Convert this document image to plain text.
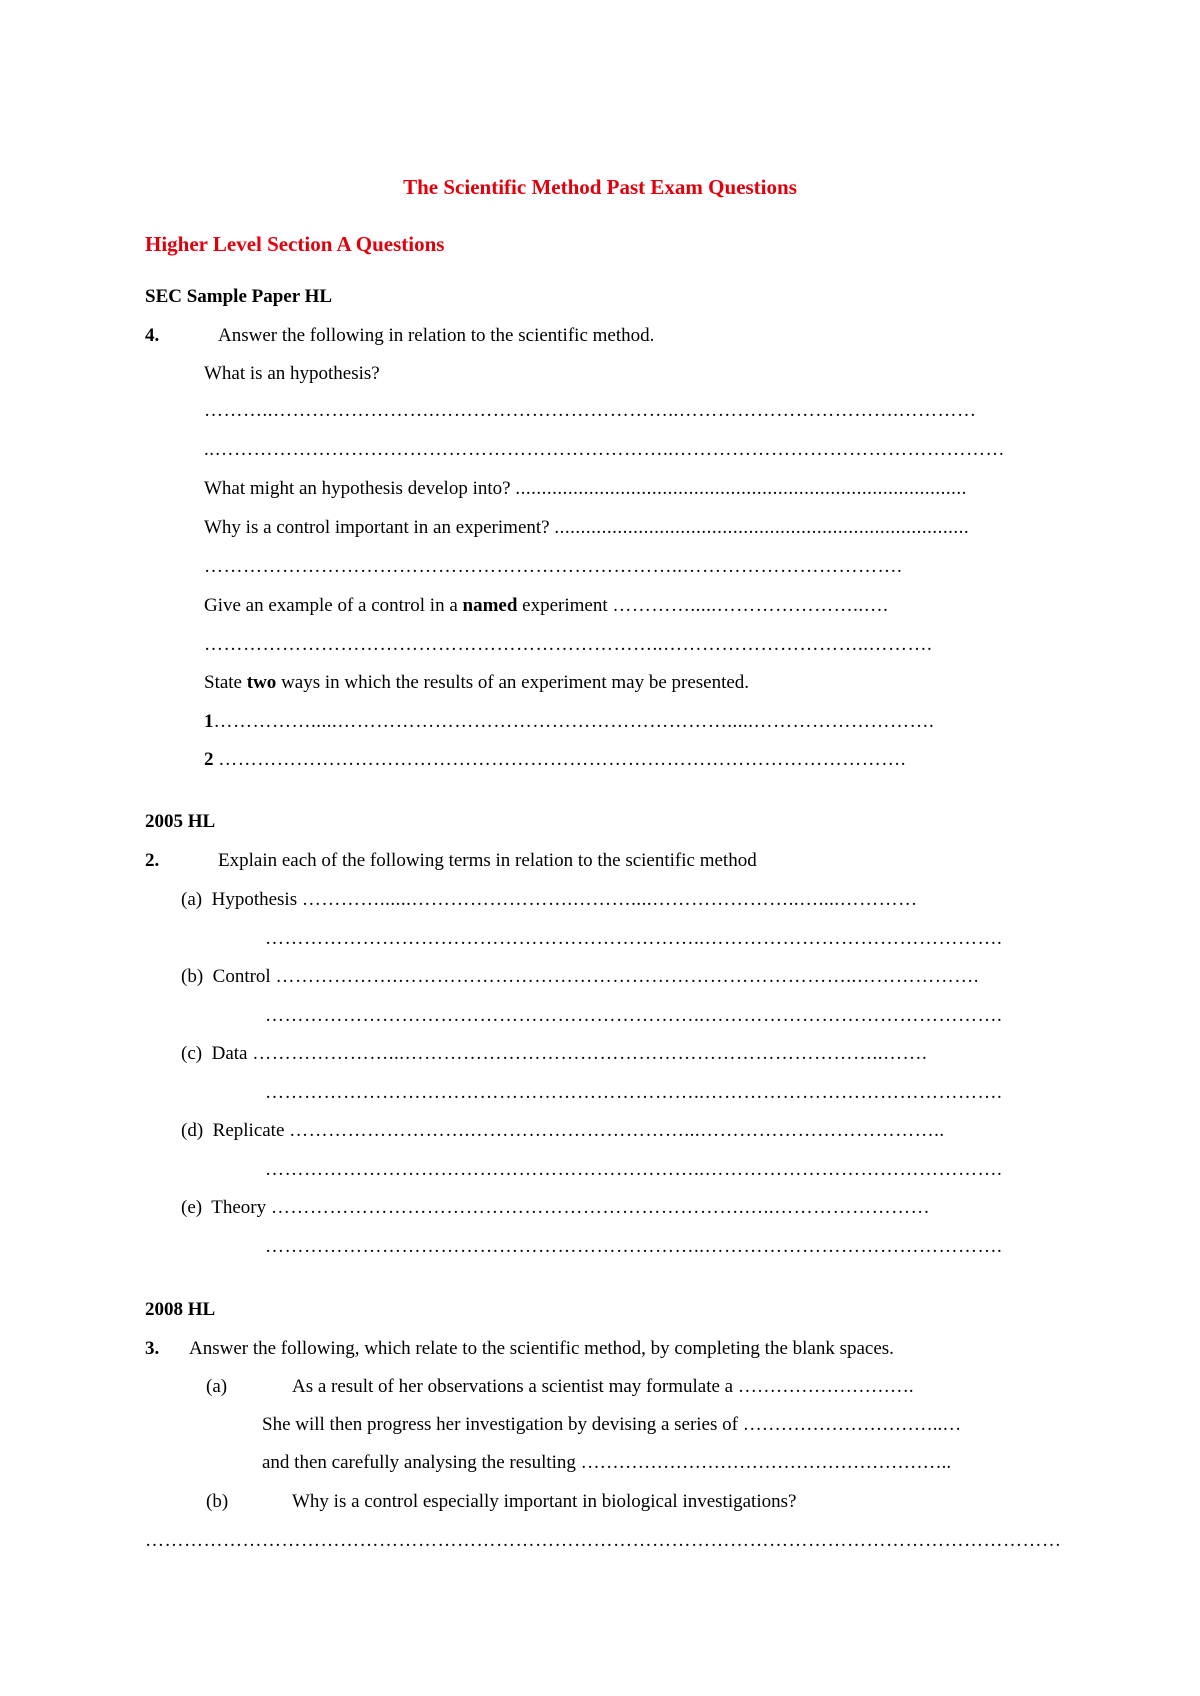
The Scientific Method Past Exam Questions
Higher Level Section A Questions
SEC Sample Paper HL
4.	Answer the following in relation to the scientific method.
What is an hypothesis?
………..…………………….………………………………..…………………………….…………
..……………………………………………………………..……………………………………………
What might an hypothesis develop into? ......................................................................................
Why is a control important in an experiment? ...............................................................................
………………………………………………………………..…………………………….
Give an example of a control in a named experiment ………….....…………………..….
……………………………………………………………..…………………………..……….
State two ways in which the results of an experiment may be presented.
1…………….....…………………………………………………….....……………………….
2 …………………………………………………………………………………………….
2005 HL
2.	Explain each of the following terms in relation to the scientific method
(a) Hypothesis …………......…………………….………....…………………..…....…………
…………………………………………………………..……………………………………….
(b) Control ……………….……………………………………………………………..……………….
…………………………………………………………..……………………………………….
(c) Data …………………...………………………………………………………………..…….
…………………………………………………………..……………………………………….
(d) Replicate ……………………….……………………………...………………………………..
…………………………………………………………..……………………………………….
(e) Theory ……………………………………………………………….…..……………………
…………………………………………………………..……………………………………….
2008 HL
3. Answer the following, which relate to the scientific method, by completing the blank spaces.
(a)	As a result of her observations a scientist may formulate a ……………………….
She will then progress her investigation by devising a series of …………………………..…
and then carefully analysing the resulting …………………………………………………..
(b)	Why is a control especially important in biological investigations?
……………………………………………………………………………………………………………………………
